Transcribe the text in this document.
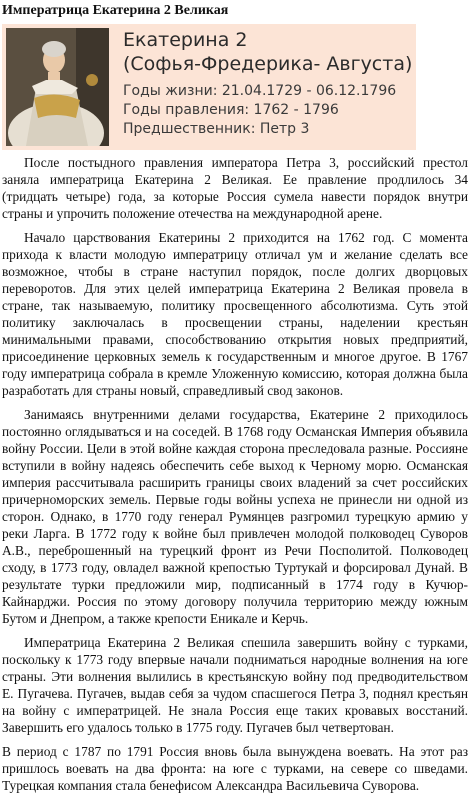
Императрица Екатерина 2 Великая
Екатерина 2
(Софья-Фредерика- Августа)
Годы жизни: 21.04.1729 - 06.12.1796
Годы правления: 1762 - 1796
Предшественник: Петр 3

После постыдного правления императора Петра 3, российский престол заняла императрица Екатерина 2 Великая. Ее правление продлилось 34 (тридцать четыре) года, за которые Россия сумела навести порядок внутри страны и упрочить положение отечества на международной арене.

Начало царствования Екатерины 2 приходится на 1762 год. С момента прихода к власти молодую императрицу отличал ум и желание сделать все возможное, чтобы в стране наступил порядок, после долгих дворцовых переворотов. Для этих целей императрица Екатерина 2 Великая провела в стране, так называемую, политику просвещенного абсолютизма. Суть этой политику заключалась в просвещении страны, наделении крестьян минимальными правами, способствованию открытия новых предприятий, присоединение церковных земель к государственным и многое другое. В 1767 году императрица собрала в кремле Уложенную комиссию, которая должна была разработать для страны новый, справедливый свод законов.

Занимаясь внутренними делами государства, Екатерине 2 приходилось постоянно оглядываться и на соседей. В 1768 году Османская Империя объявила войну России. Цели в этой войне каждая сторона преследовала разные. Россияне вступили в войну надеясь обеспечить себе выход к Черному морю. Османская империя рассчитывала расширить границы своих владений за счет российских причерноморских земель. Первые годы войны успеха не принесли ни одной из сторон. Однако, в 1770 году генерал Румянцев разгромил турецкую армию у реки Ларга. В 1772 году к войне был привлечен молодой полководец Суворов А.В., переброшенный на турецкий фронт из Речи Посполитой. Полководец сходу, в 1773 году, овладел важной крепостью Туртукай и форсировал Дунай. В результате турки предложили мир, подписанный в 1774 году в Кучюр-Кайнарджи. Россия по этому договору получила территорию между южным Бутом и Днепром, а также крепости Еникале и Керчь.

Императрица Екатерина 2 Великая спешила завершить войну с турками, поскольку к 1773 году впервые начали подниматься народные волнения на юге страны. Эти волнения вылились в крестьянскую войну под предводительством Е. Пугачева. Пугачев, выдав себя за чудом спасшегося Петра 3, поднял крестьян на войну с императрицей. Не знала Россия еще таких кровавых восстаний. Завершить его удалось только в 1775 году. Пугачев был четвертован.

В период с 1787 по 1791 Россия вновь была вынуждена воевать. На этот раз пришлось воевать на два фронта: на юге с турками, на севере со шведами. Турецкая компания стала бенефисом Александра Васильевича Суворова.
